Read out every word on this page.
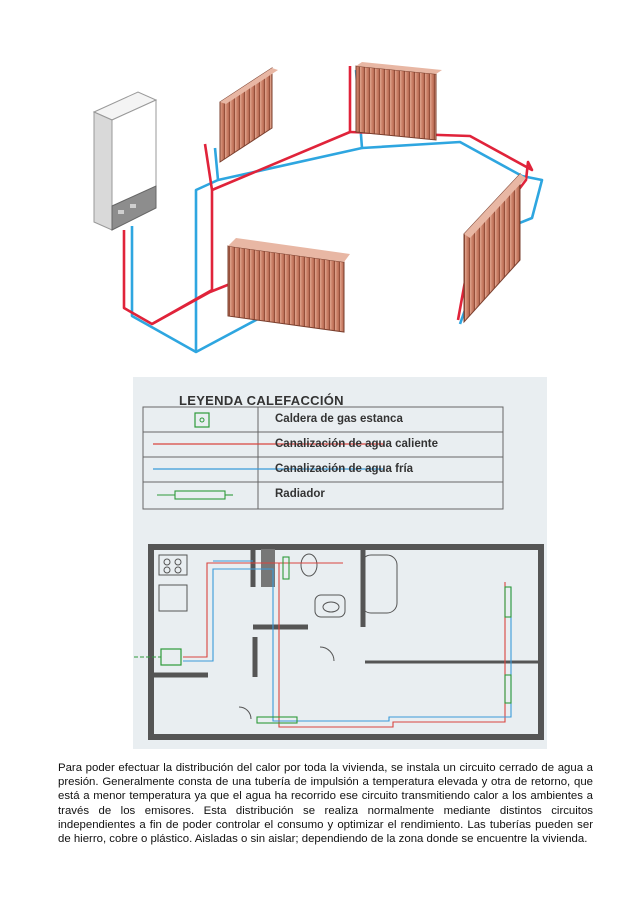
LEYENDA CALEFACCIÓN

Caldera de gas estanca

Canalización de agua caliente

Canalización de agua fría

Radiador

Para poder efectuar la distribución del calor por toda la vivienda, se instala un circuito cerrado de agua a presión. Generalmente consta de una tubería de impulsión a temperatura elevada y otra de retorno, que está a menor temperatura ya que el agua ha recorrido ese circuito transmitiendo calor a los ambientes a través de los emisores. Esta distribución se realiza normalmente mediante distintos circuitos independientes a fin de poder controlar el consumo y optimizar el rendimiento. Las tuberías pueden ser de hierro, cobre o plástico. Aisladas o sin aislar; dependiendo de la zona donde se encuentre la vivienda.
